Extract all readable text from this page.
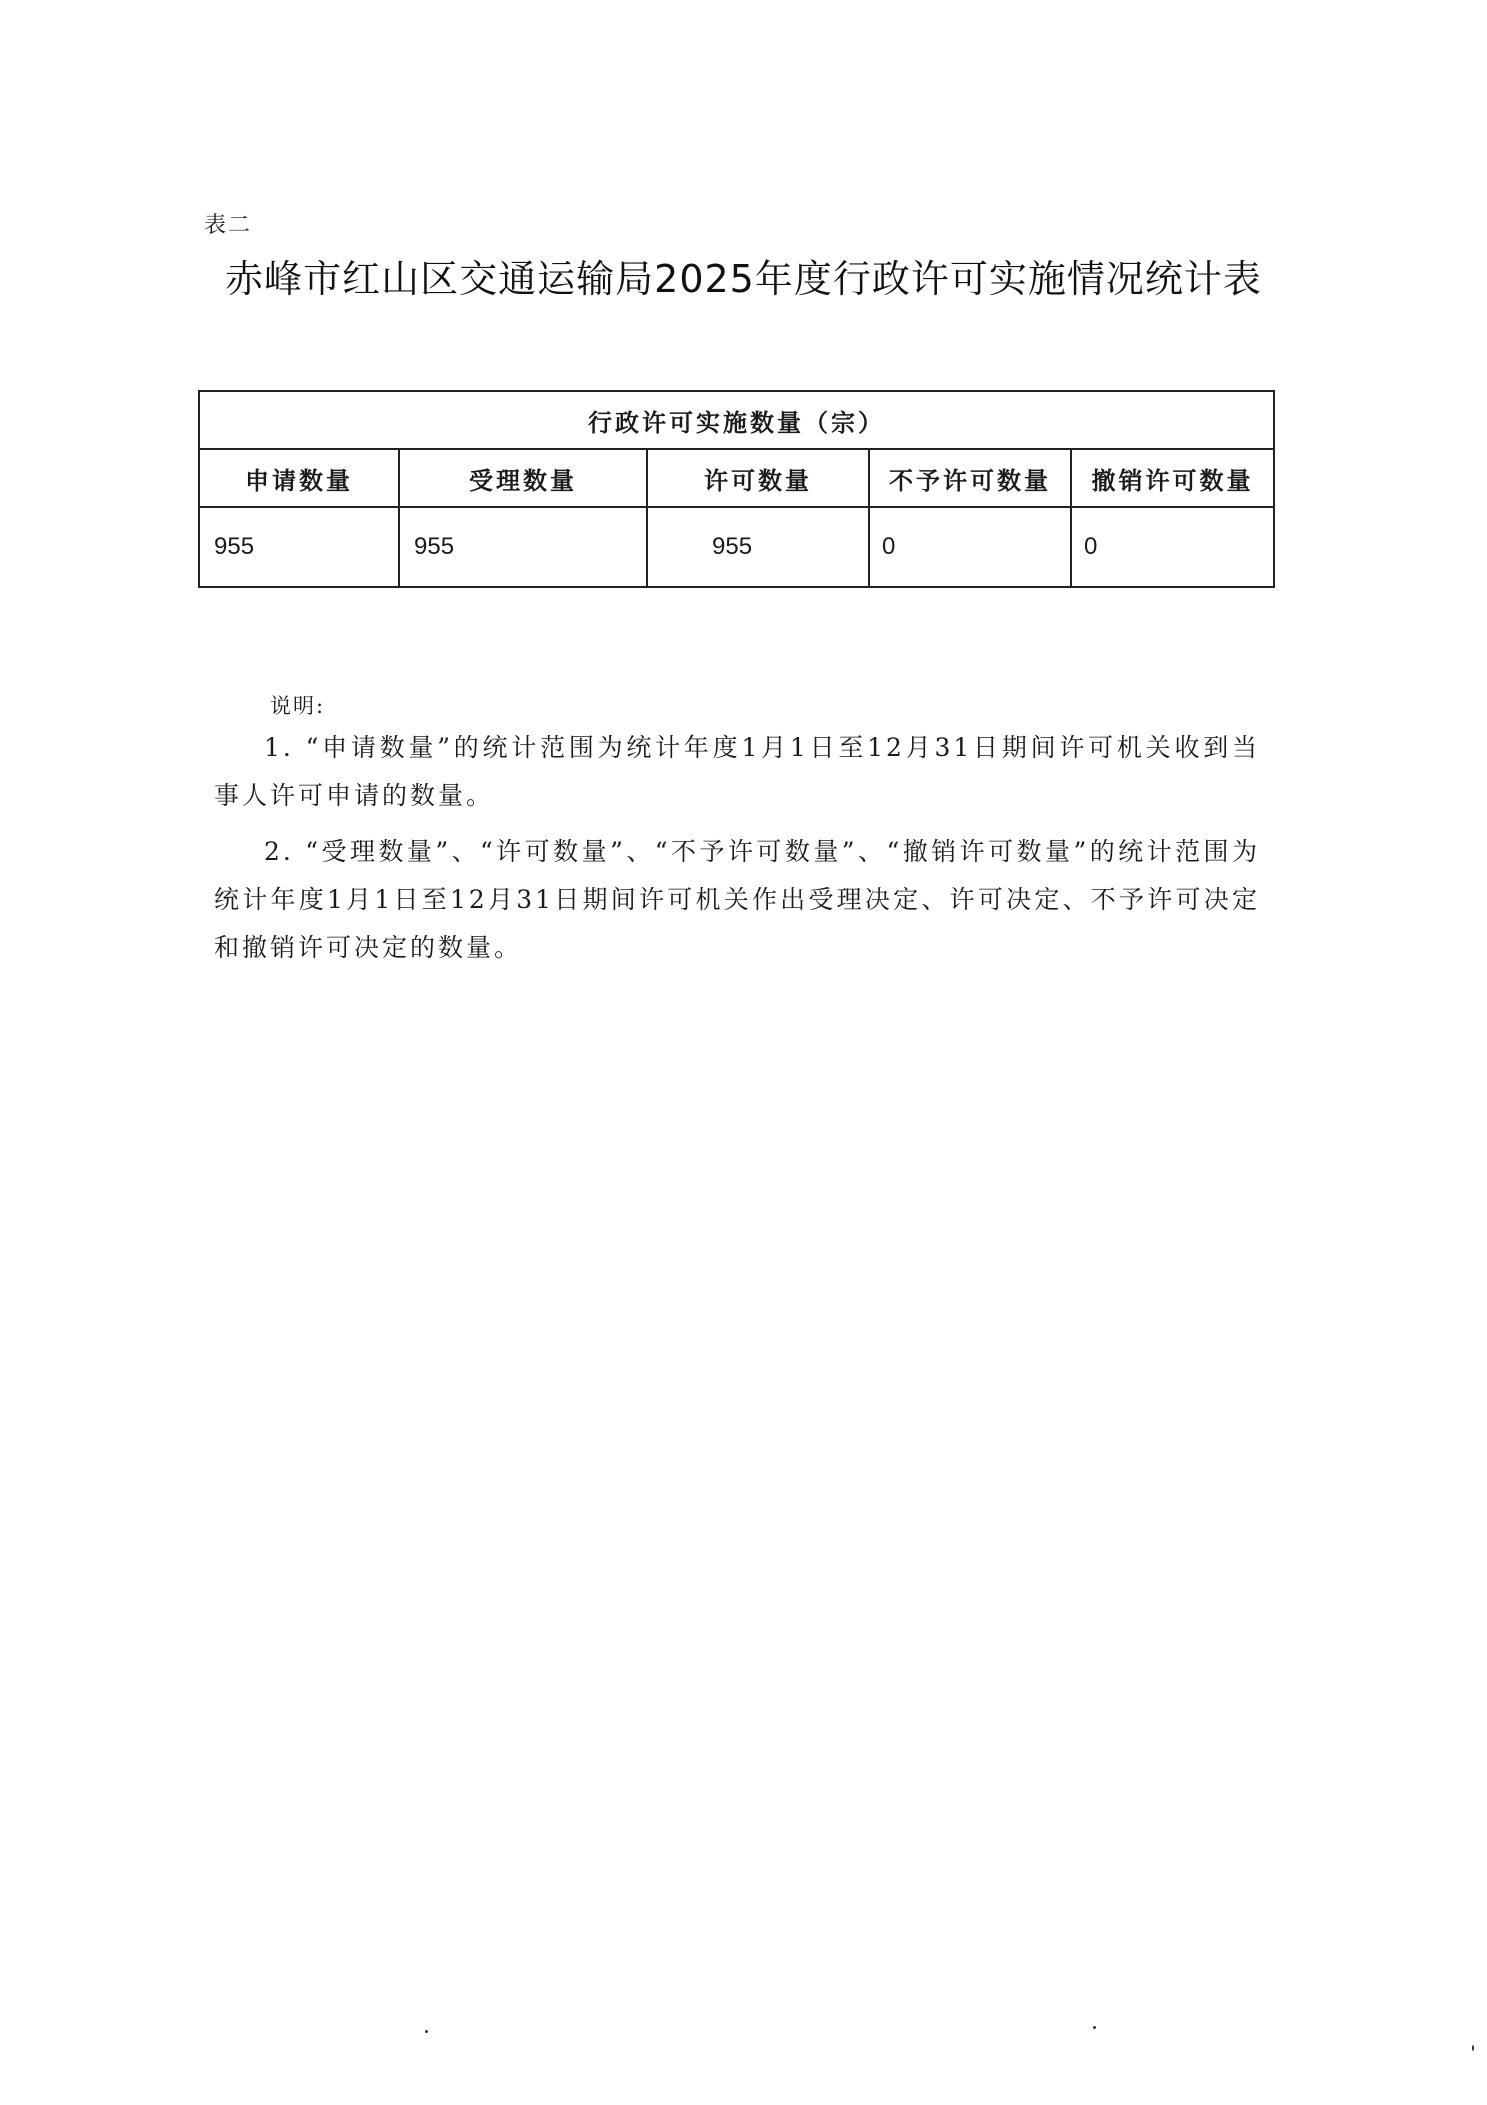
表二
赤峰市红山区交通运输局2025年度行政许可实施情况统计表
行政许可实施数量（宗）				
申请数量	受理数量	许可数量	不予许可数量	撤销许可数量
955	955	955	0	0
说明:
1. “申请数量”的统计范围为统计年度1月1日至12月31日期间许可机关收到当事人许可申请的数量。
2. “受理数量”、“许可数量”、“不予许可数量”、“撤销许可数量”的统计范围为统计年度1月1日至12月31日期间许可机关作出受理决定、许可决定、不予许可决定和撤销许可决定的数量。
